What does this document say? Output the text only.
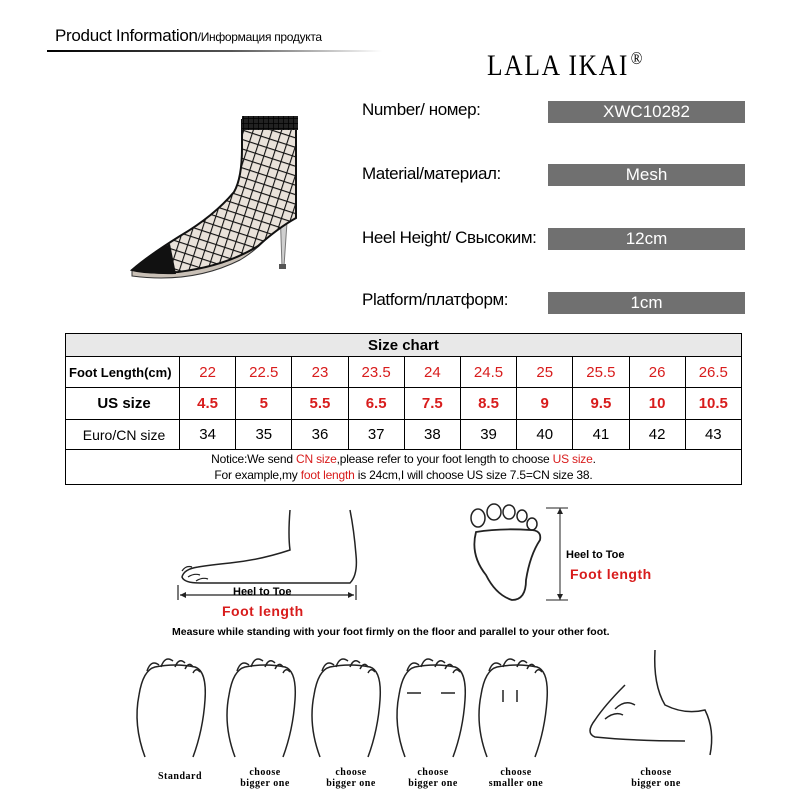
Product Information/Информация продукта
LALA IKAI®
Number/ номер:	XWC10282
Material/материал:	Mesh
Heel Height/ Свысоким:	12cm
Platform/платформ:	1cm
Size chart										
Foot Length(cm)	22	22.5	23	23.5	24	24.5	25	25.5	26	26.5
US size	4.5	5	5.5	6.5	7.5	8.5	9	9.5	10	10.5
Euro/CN size	34	35	36	37	38	39	40	41	42	43

Notice:We send CN size,please refer to your foot length to choose US size.
For example,my foot length is 24cm,I will choose US size 7.5=CN size 38.										
Heel to Toe
Foot length
Heel to Toe
Foot length
Measure while standing with your foot firmly on the floor and parallel to your other foot.
Standard	choose
bigger one
choose
bigger one
choose
bigger one
choose
smaller one
choose
bigger one
